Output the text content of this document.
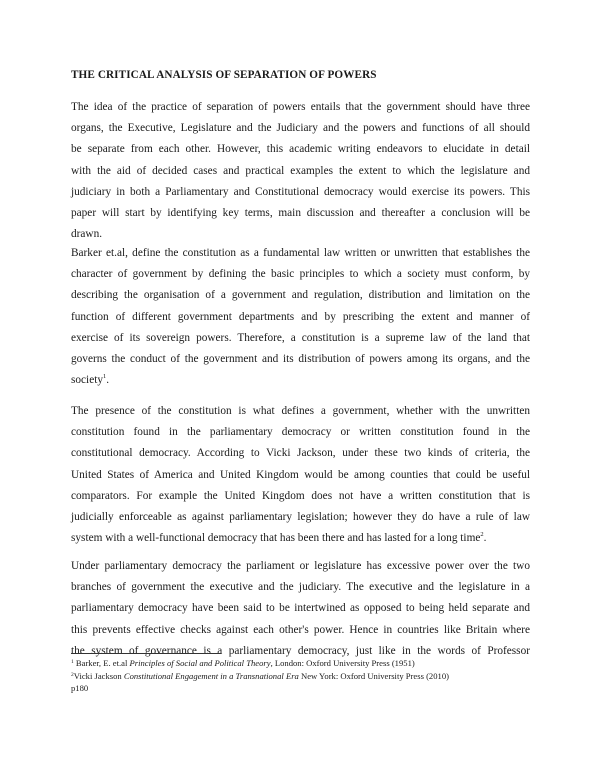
THE CRITICAL ANALYSIS OF SEPARATION OF POWERS
The idea of the practice of separation of powers entails that the government should have three
organs, the Executive, Legislature and the Judiciary and the powers and functions of all should
be separate from each other. However, this academic writing endeavors to elucidate in detail
with the aid of decided cases and practical examples the extent to which the legislature and
judiciary in both a Parliamentary and Constitutional democracy would exercise its powers. This
paper will start by identifying key terms, main discussion and thereafter a conclusion will be
drawn.
Barker et.al, define the constitution as a fundamental law written or unwritten that establishes the
character of government by defining the basic principles to which a society must conform, by
describing the organisation of a government and regulation, distribution and limitation on the
function of different government departments and by prescribing the extent and manner of
exercise of its sovereign powers. Therefore, a constitution is a supreme law of the land that
governs the conduct of the government and its distribution of powers among its organs, and the
society$^1$.
The presence of the constitution is what defines a government, whether with the unwritten
constitution found in the parliamentary democracy or written constitution found in the
constitutional democracy. According to Vicki Jackson, under these two kinds of criteria, the
United States of America and United Kingdom would be among counties that could be useful
comparators. For example the United Kingdom does not have a written constitution that is
judicially enforceable as against parliamentary legislation; however they do have a rule of law
system with a well-functional democracy that has been there and has lasted for a long time$^2$.
Under parliamentary democracy the parliament or legislature has excessive power over the two
branches of government the executive and the judiciary. The executive and the legislature in a
parliamentary democracy have been said to be intertwined as opposed to being held separate and
this prevents effective checks against each other's power. Hence in countries like Britain where
the system of governance is a parliamentary democracy, just like in the words of Professor
$^1$ Barker, E. et.al Principles of Social and Political Theory, London: Oxford University Press (1951)
$^2$Vicki Jackson Constitutional Engagement in a Transnational Era New York: Oxford University Press (2010)
p180
